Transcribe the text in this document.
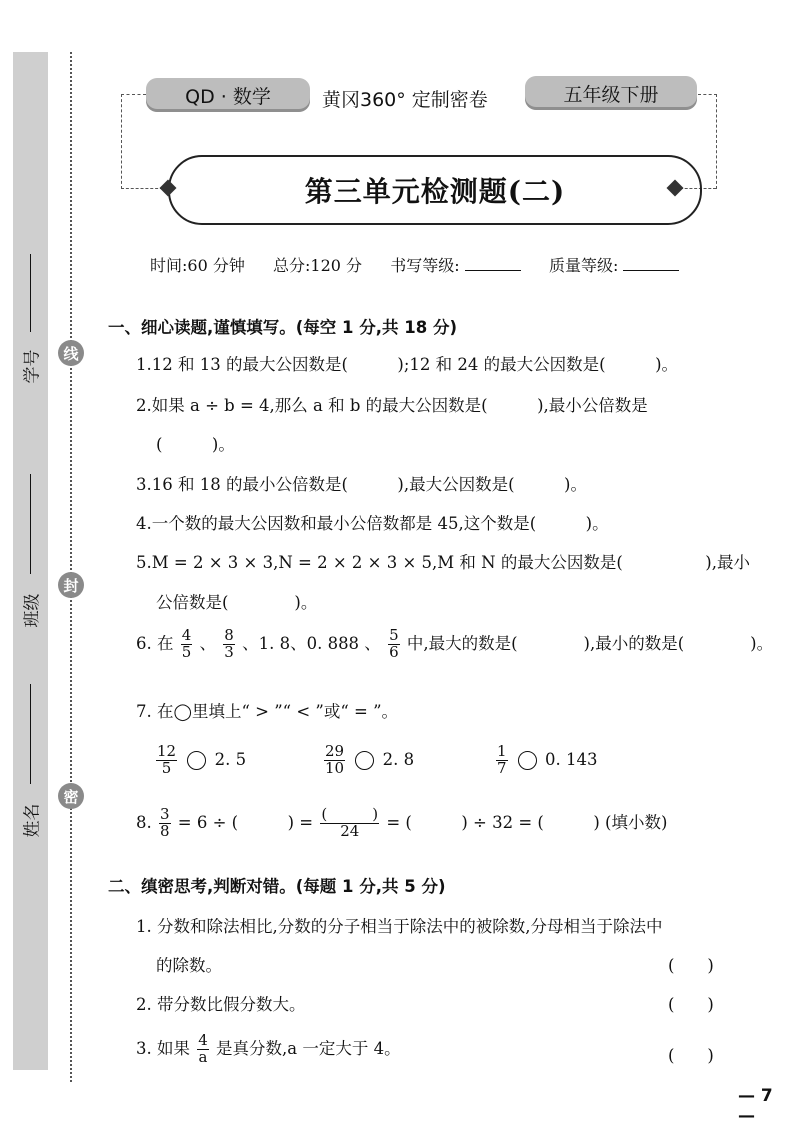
学号
班级
姓名
线
封
密
QD · 数学	黄冈360° 定制密卷	五年级下册
第三单元检测题(二)
时间:60 分钟 总分:120 分 书写等级:	质量等级:
一、细心读题,谨慎填写。(每空 1 分,共 18 分)
1.12 和 13 的最大公因数是(　　　);12 和 24 的最大公因数是(　　　)。
2.如果 a ÷ b = 4,那么 a 和 b 的最大公因数是(　　　),最小公倍数是
(　　　)。
3.16 和 18 的最小公倍数是(　　　),最大公因数是(　　　)。
4.一个数的最大公因数和最小公倍数都是 45,这个数是(　　　)。
5.M = 2 × 3 × 3,N = 2 × 2 × 3 × 5,M 和 N 的最大公因数是(　　　　　),最小
公倍数是(　　　　)。
6. 在 $\frac{4}{5}$ 、 $\frac{8}{3}$ 、1. 8、0. 888 、 $\frac{5}{6}$ 中,最大的数是(　　　　),最小的数是(　　　　)。
7. 在◯里填上“ > ”“ < ”或“ = ”。
$\frac{12}{5} 2$. 5	$\frac{29}{10} 2$. 8	$\frac{1}{7} 0$. 143
8. $\frac{3}{8} = 6$ ÷ (　　　) = $\frac{( )}{24}$ = (　　　) ÷ 32 = (　　　) (填小数)
二、缜密思考,判断对错。(每题 1 分,共 5 分)
1. 分数和除法相比,分数的分子相当于除法中的被除数,分母相当于除法中
的除数。	(　　)
2. 带分数比假分数大。	(　　)
3. 如果 $\frac{4}{a}$ 是真分数,a 一定大于 4。	(　　)
— 7 —
